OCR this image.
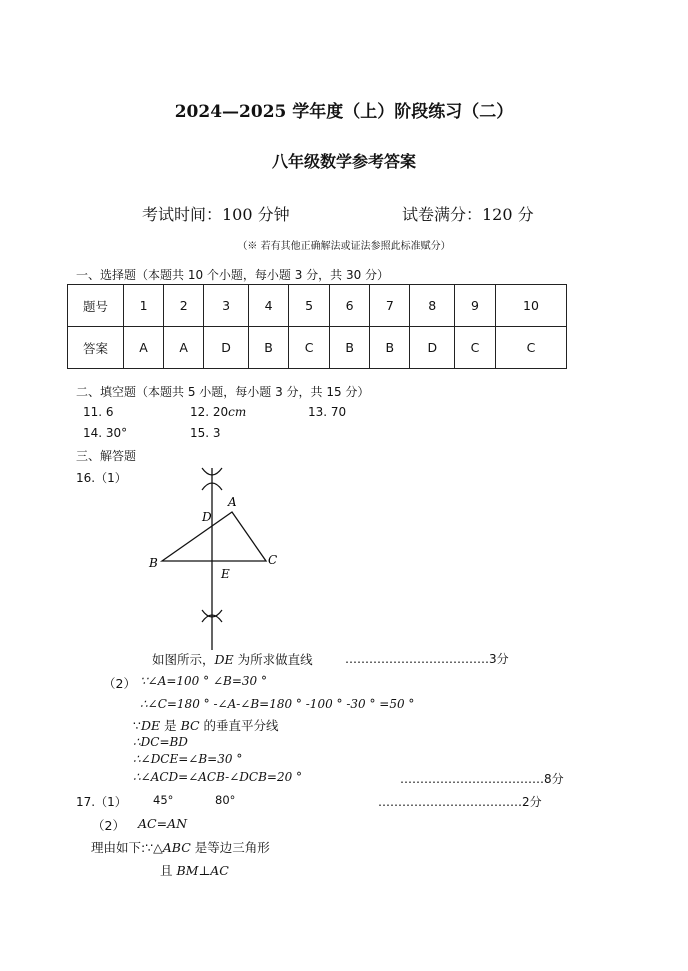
2024—2025 学年度（上）阶段练习（二）
八年级数学参考答案
考试时间：100 分钟	试卷满分：120 分
（※ 若有其他正确解法或证法参照此标准赋分）
一、选择题（本题共 10 个小题，每小题 3 分，共 30 分）
题号	1	2	3	4	5	6	7	8	9	10
答案	A	A	D	B	C	B	B	D	C	C
二、填空题（本题共 5 小题，每小题 3 分，共 15 分）
11. 6	12. 20cm	13. 70
14. 30°	15. 3
三、解答题
16.（1）
A
B	C
D
E
如图所示，DE 为所求做直线	………………………………3分
（2） ∵∠A=100 ° ∠B=30 °
∴∠C=180 ° -∠A-∠B=180 ° -100 ° -30 ° =50 °
∵DE 是 BC 的垂直平分线
∴DC=BD
∴∠DCE=∠B=30 °
∴∠ACD=∠ACB-∠DCB=20 °	………………………………8分
17.（1） 45°	80°	………………………………2分
（2） AC=AN
理由如下:∵△ABC 是等边三角形
且 BM⊥AC
